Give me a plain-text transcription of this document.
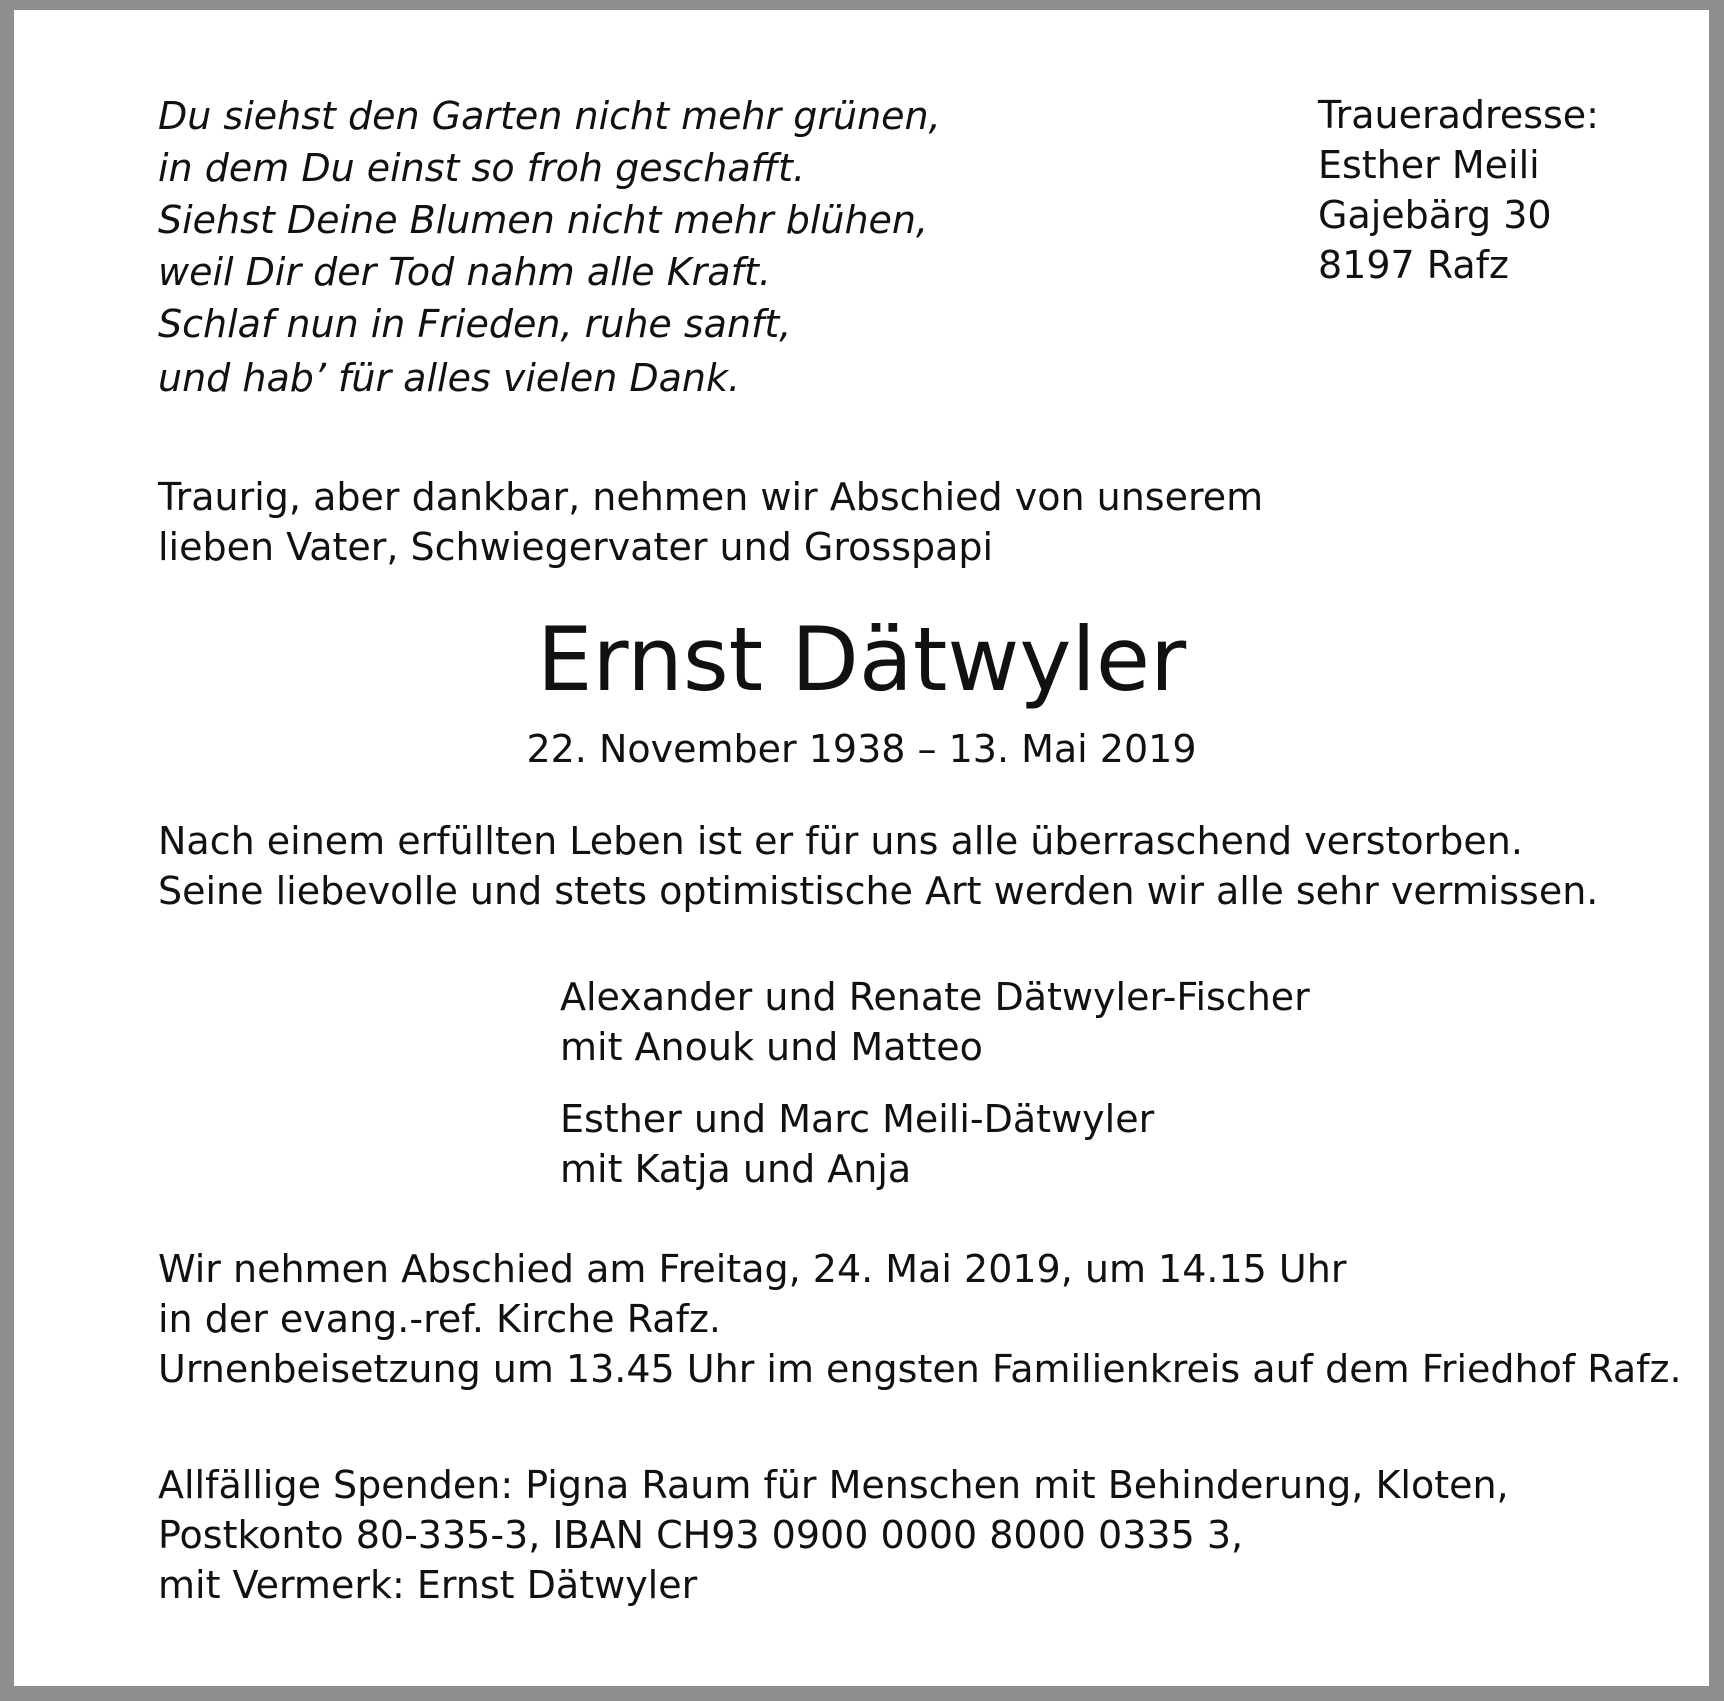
Du siehst den Garten nicht mehr grünen,
in dem Du einst so froh geschafft.
Siehst Deine Blumen nicht mehr blühen,
weil Dir der Tod nahm alle Kraft.
Schlaf nun in Frieden, ruhe sanft,
und hab’ für alles vielen Dank.
Traueradresse:
Esther Meili
Gajebärg 30
8197 Rafz
Traurig, aber dankbar, nehmen wir Abschied von unserem
lieben Vater, Schwiegervater und Grosspapi
Ernst Dätwyler
22. November 1938 – 13. Mai 2019
Nach einem erfüllten Leben ist er für uns alle überraschend verstorben.
Seine liebevolle und stets optimistische Art werden wir alle sehr vermissen.
Alexander und Renate Dätwyler-Fischer
mit Anouk und Matteo
Esther und Marc Meili-Dätwyler
mit Katja und Anja
Wir nehmen Abschied am Freitag, 24. Mai 2019, um 14.15 Uhr
in der evang.-ref. Kirche Rafz.
Urnenbeisetzung um 13.45 Uhr im engsten Familienkreis auf dem Friedhof Rafz.
Allfällige Spenden: Pigna Raum für Menschen mit Behinderung, Kloten,
Postkonto 80-335-3, IBAN CH93 0900 0000 8000 0335 3,
mit Vermerk: Ernst Dätwyler
